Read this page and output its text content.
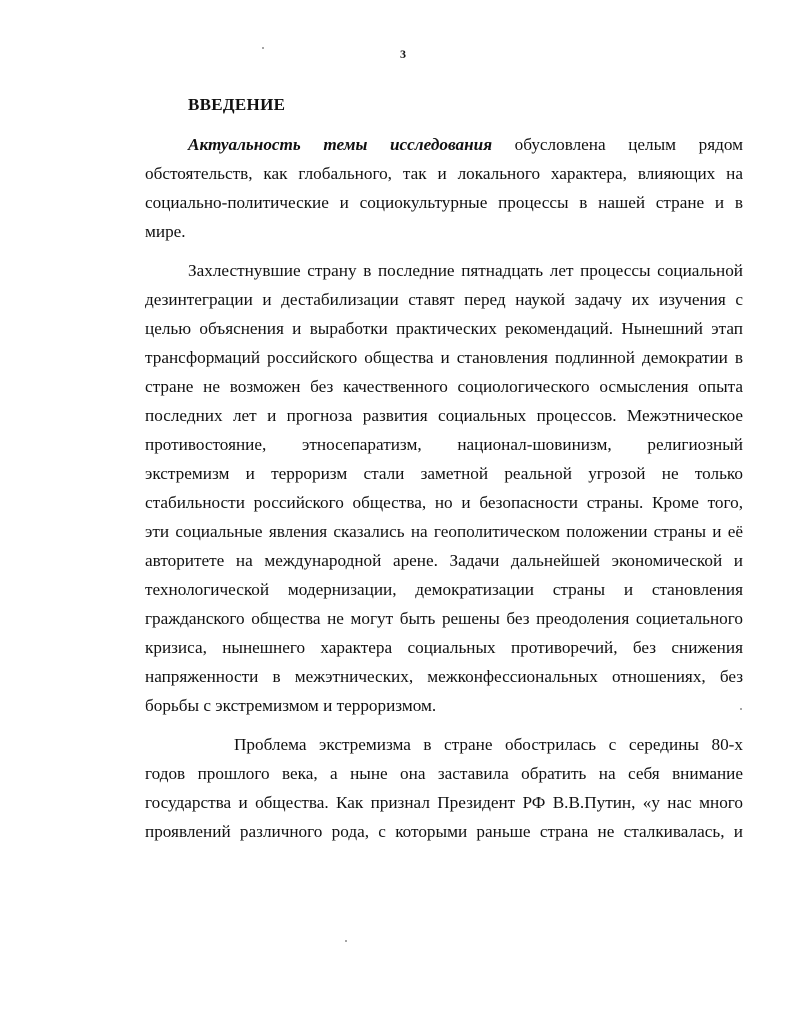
3
ВВЕДЕНИЕ
Актуальность темы исследования обусловлена целым рядом
обстоятельств, как глобального, так и локального характера, влияющих на
социально-политические и социокультурные процессы в нашей стране и в
мире.
Захлестнувшие страну в последние пятнадцать лет процессы социальной
дезинтеграции и дестабилизации ставят перед наукой задачу их изучения с
целью объяснения и выработки практических рекомендаций. Нынешний этап
трансформаций российского общества и становления подлинной демократии в
стране не возможен без качественного социологического осмысления опыта
последних лет и прогноза развития социальных процессов. Межэтническое
противостояние, этносепаратизм, национал-шовинизм, религиозный
экстремизм и терроризм стали заметной реальной угрозой не только
стабильности российского общества, но и безопасности страны. Кроме того,
эти социальные явления сказались на геополитическом положении страны и её
авторитете на международной арене. Задачи дальнейшей экономической и
технологической модернизации, демократизации страны и становления
гражданского общества не могут быть решены без преодоления социетального
кризиса, нынешнего характера социальных противоречий, без снижения
напряженности в межэтнических, межконфессиональных отношениях, без
борьбы с экстремизмом и терроризмом.
Проблема экстремизма в стране обострилась с середины 80-х
годов прошлого века, а ныне она заставила обратить на себя внимание
государства и общества. Как признал Президент РФ В.В.Путин, «у нас много
проявлений различного рода, с которыми раньше страна не сталкивалась, и
